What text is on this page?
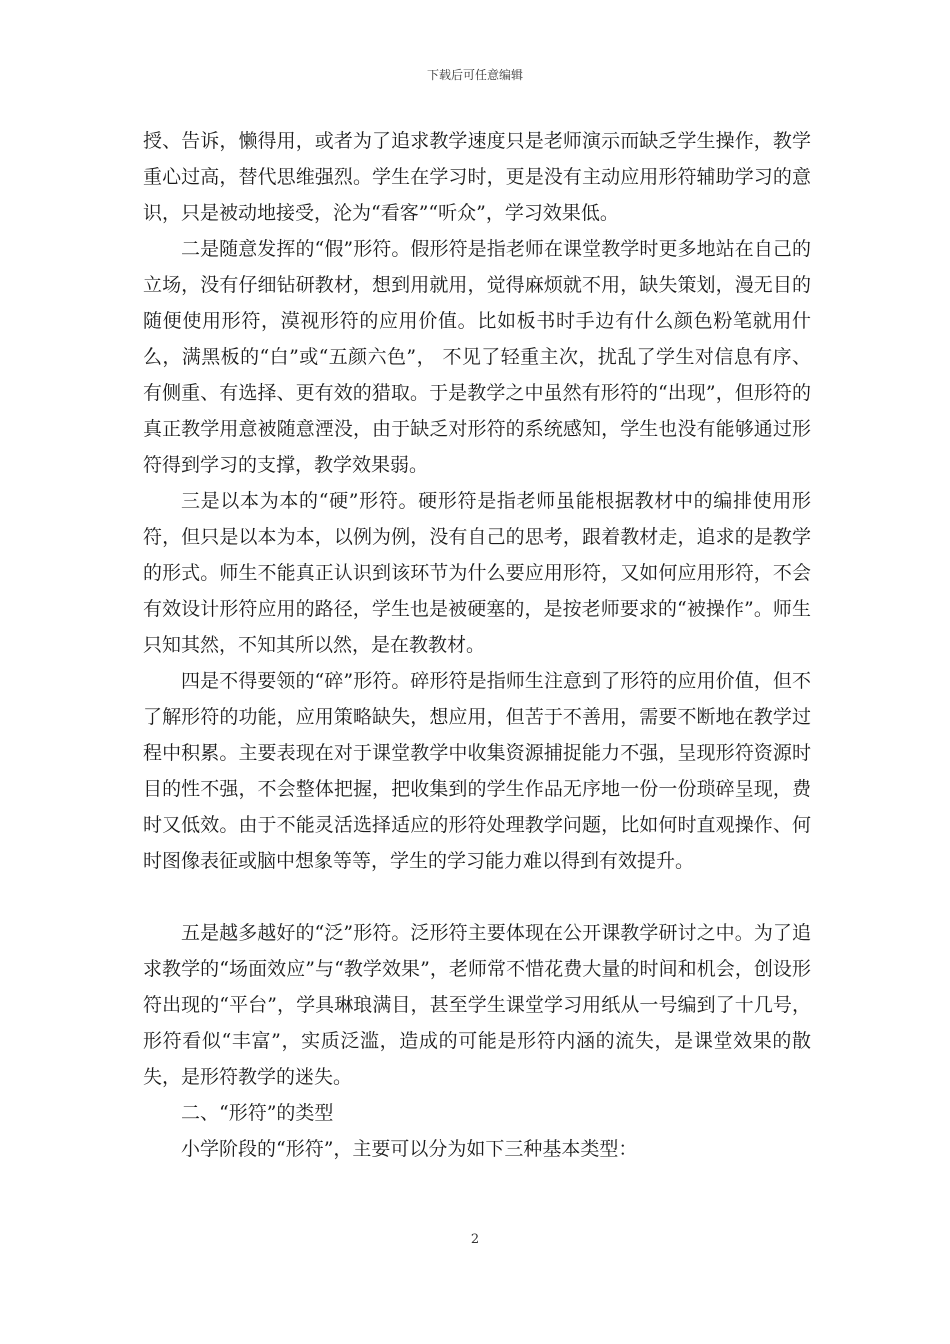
下载后可任意编辑

授、告诉，懒得用，或者为了追求教学速度只是老师演示而缺乏学生操作，教学重心过高，替代思维强烈。学生在学习时，更是没有主动应用形符辅助学习的意识，只是被动地接受，沦为“看客”“听众”，学习效果低。

二是随意发挥的“假”形符。假形符是指老师在课堂教学时更多地站在自己的立场，没有仔细钻研教材，想到用就用，觉得麻烦就不用，缺失策划，漫无目的随便使用形符，漠视形符的应用价值。比如板书时手边有什么颜色粉笔就用什么，满黑板的“白”或“五颜六色”， 不见了轻重主次，扰乱了学生对信息有序、有侧重、有选择、更有效的猎取。于是教学之中虽然有形符的“出现”，但形符的真正教学用意被随意湮没，由于缺乏对形符的系统感知，学生也没有能够通过形符得到学习的支撑，教学效果弱。

三是以本为本的“硬”形符。硬形符是指老师虽能根据教材中的编排使用形符，但只是以本为本，以例为例，没有自己的思考，跟着教材走，追求的是教学的形式。师生不能真正认识到该环节为什么要应用形符，又如何应用形符，不会有效设计形符应用的路径，学生也是被硬塞的，是按老师要求的“被操作”。师生只知其然，不知其所以然，是在教教材。

四是不得要领的“碎”形符。碎形符是指师生注意到了形符的应用价值，但不了解形符的功能，应用策略缺失，想应用，但苦于不善用，需要不断地在教学过程中积累。主要表现在对于课堂教学中收集资源捕捉能力不强，呈现形符资源时目的性不强，不会整体把握，把收集到的学生作品无序地一份一份琐碎呈现，费时又低效。由于不能灵活选择适应的形符处理教学问题，比如何时直观操作、何时图像表征或脑中想象等等，学生的学习能力难以得到有效提升。

五是越多越好的“泛”形符。泛形符主要体现在公开课教学研讨之中。为了追求教学的“场面效应”与“教学效果”，老师常不惜花费大量的时间和机会，创设形符出现的“平台”，学具琳琅满目，甚至学生课堂学习用纸从一号编到了十几号，形符看似“丰富”，实质泛滥，造成的可能是形符内涵的流失，是课堂效果的散失，是形符教学的迷失。

二、“形符”的类型

小学阶段的“形符”，主要可以分为如下三种基本类型：

2
